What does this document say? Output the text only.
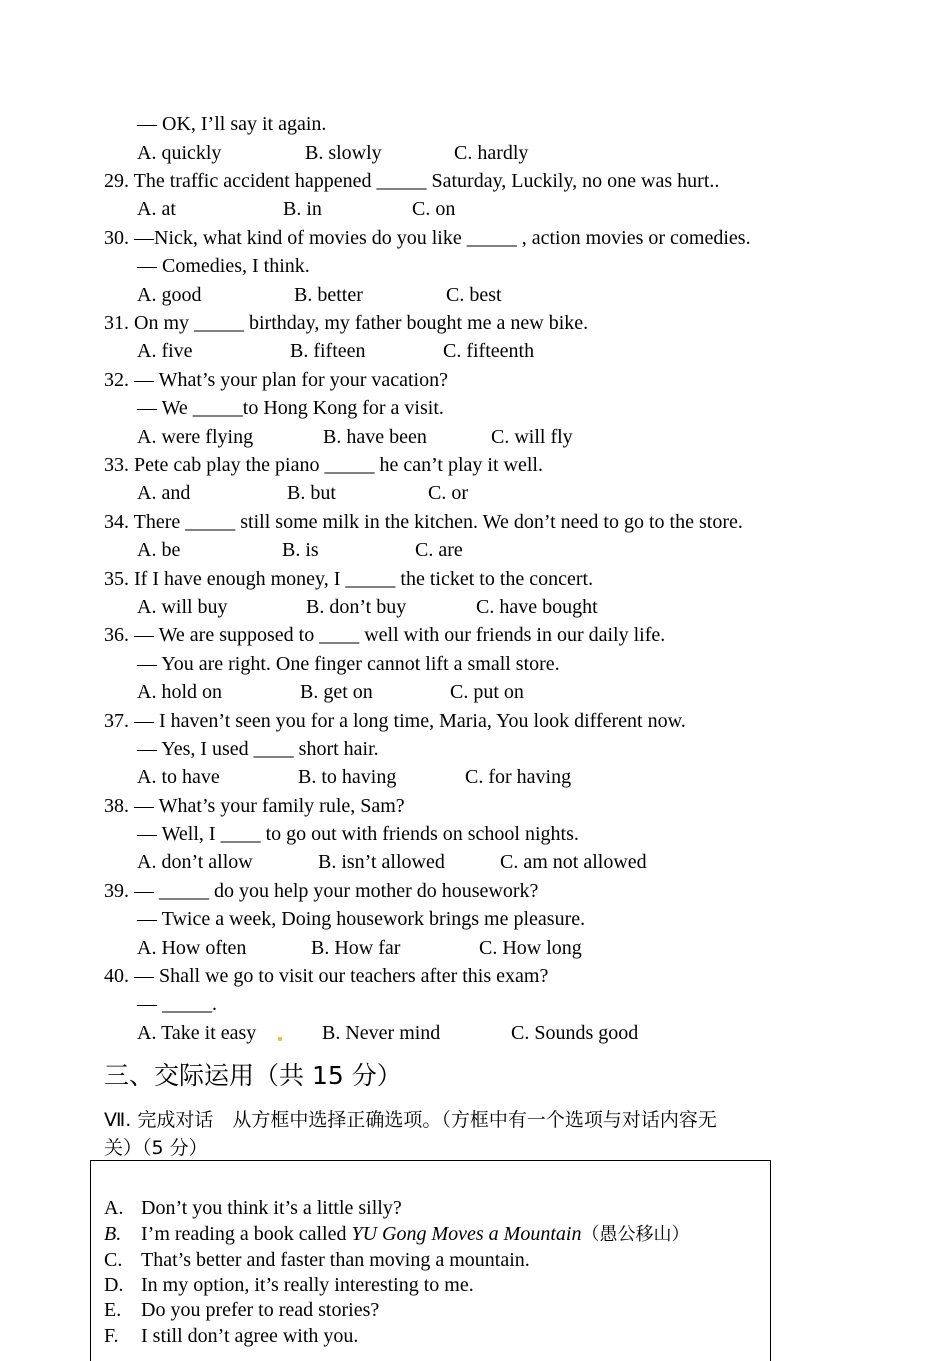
— OK, I’ll say it again.
A. quickly	B. slowly	C. hardly
29. The traffic accident happened _____ Saturday, Luckily, no one was hurt..
A. at	B. in	C. on
30. —Nick, what kind of movies do you like _____ , action movies or comedies.
— Comedies, I think.
A. good	B. better	C. best
31. On my _____ birthday, my father bought me a new bike.
A. five	B. fifteen	C. fifteenth
32. — What’s your plan for your vacation?
— We _____to Hong Kong for a visit.
A. were flying	B. have been	C. will fly
33. Pete cab play the piano _____ he can’t play it well.
A. and	B. but	C. or
34. There _____ still some milk in the kitchen. We don’t need to go to the store.
A. be	B. is	C. are
35. If I have enough money, I _____ the ticket to the concert.
A. will buy	B. don’t buy	C. have bought
36. — We are supposed to ____ well with our friends in our daily life.
— You are right. One finger cannot lift a small store.
A. hold on	B. get on	C. put on
37. — I haven’t seen you for a long time, Maria, You look different now.
— Yes, I used ____ short hair.
A. to have	B. to having	C. for having
38. — What’s your family rule, Sam?
— Well, I ____ to go out with friends on school nights.
A. don’t allow	B. isn’t allowed	C. am not allowed
39. — _____ do you help your mother do housework?
— Twice a week, Doing housework brings me pleasure.
A. How often	B. How far	C. How long
40. — Shall we go to visit our teachers after this exam?
— _____.
A. Take it easy	B. Never mind	C. Sounds good
三、交际运用（共 15 分）
Ⅶ. 完成对话　从方框中选择正确选项。（方框中有一个选项与对话内容无
关）（5 分）
A. Don’t you think it’s a little silly?
B. I’m reading a book called YU Gong Moves a Mountain（愚公移山）
C. That’s better and faster than moving a mountain.
D. In my option, it’s really interesting to me.
E. Do you prefer to read stories?
F. I still don’t agree with you.
